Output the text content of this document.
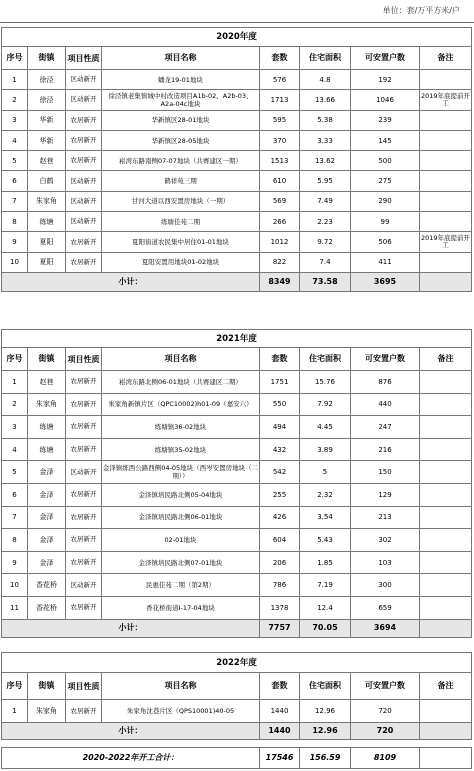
单位：套/万平方米/户
2020年度							
序号	街镇	项目性质	项目名称	套数	住宅面积	可安置户数	备注
1	徐泾	区动新开	蟠龙19-01地块	576	4.8	192	
2	徐泾	区动新开	徐泾镇老集镇城中村改造项目A1b-02、A2b-03、A2a-04c地块	1713	13.66	1046	2019年底提前开工
3	华新	农居新开	华新镇区28-01地块	595	5.38	239	
4	华新	农居新开	华新镇区28-05地块	370	3.33	145	
5	赵巷	农居新开	崧湾东路南侧07-07地块（共赛建区一期）	1513	13.62	500	
6	白鹤	区动新开	鹤祥苑三期	610	5.95	275	
7	朱家角	区动新开	甘河大道以西安置房地块（一期）	569	7.49	290	
8	练塘	区动新开	练塘佳苑二期	266	2.23	99	
9	夏阳	农居新开	夏阳街道农民集中居住01-01地块	1012	9.72	506	2019年底提前开工
10	夏阳	农居新开	夏阳安置用地块01-02地块	822	7.4	411	
小计：				8349	73.58	3695	
2021年度							
序号	街镇	项目性质	项目名称	套数	住宅面积	可安置户数	备注
1	赵巷	农居新开	崧湾东路北侧06-01地块（共赛建区二期）	1751	15.76	876	
2	朱家角	农居新开	朱家角新镇片区（QPC10002)h01-09（嘉安六）	550	7.92	440	
3	练塘	农居新开	练塘镇36-02地块	494	4.45	247	
4	练塘	农居新开	练塘镇35-02地块	432	3.89	216	
5	金泽	区动新开	金泽镇练西公路西侧04-05地块（西岑安置房地块（二期））	542	5	150	
6	金泽	农居新开	金泽镇培民路北侧05-04地块	255	2.32	129	
7	金泽	农居新开	金泽镇培民路北侧06-01地块	426	3.54	213	
8	金泽	农居新开	02-01地块	604	5.43	302	
9	金泽	农居新开	金泽镇培民路北侧07-01地块	206	1.85	103	
10	香花桥	区动新开	民惠佳苑二期（第2期）	786	7.19	300	
11	香花桥	农居新开	香花桥街道I-17-04地块	1378	12.4	659	
小计：				7757	70.05	3694	
2022年度							
序号	街镇	项目性质	项目名称	套数	住宅面积	可安置户数	备注
1	朱家角	农居新开	朱家角沈巷片区（QPS10001)40-05	1440	12.96	720	
小计：				1440	12.96	720	
2020-2022年开工合计：	17546	156.59	8109	
